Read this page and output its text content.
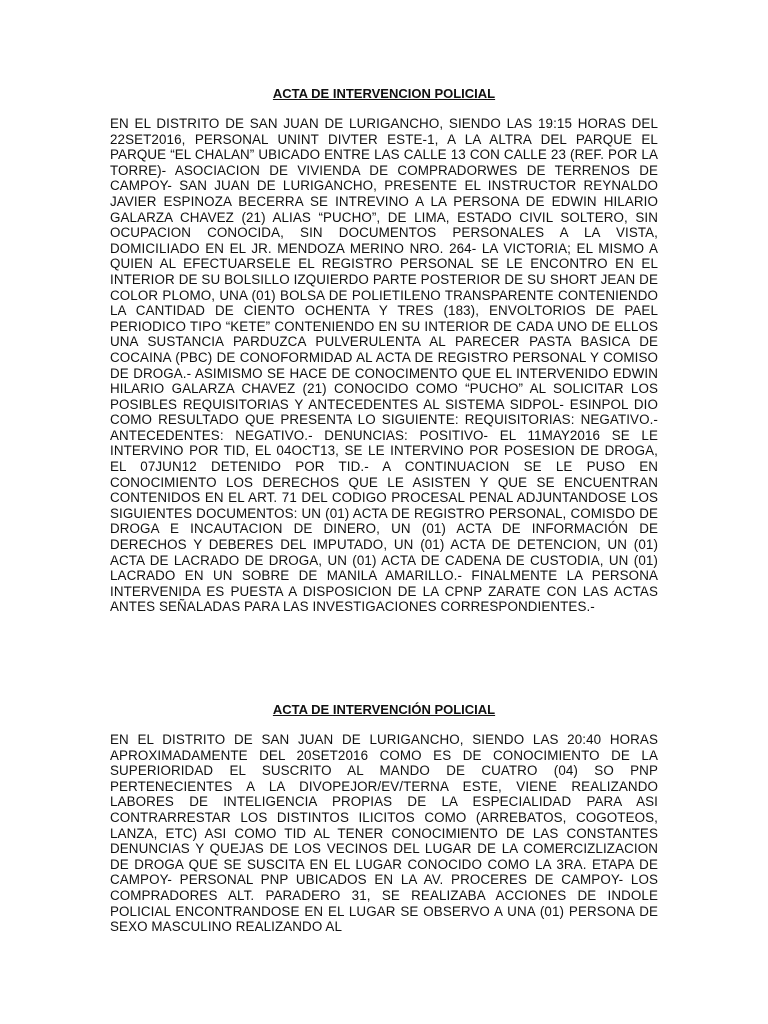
ACTA DE INTERVENCION POLICIAL

EN EL DISTRITO DE SAN JUAN DE LURIGANCHO, SIENDO LAS 19:15 HORAS DEL 22SET2016, PERSONAL UNINT DIVTER ESTE-1, A LA ALTRA DEL PARQUE EL PARQUE “EL CHALAN” UBICADO ENTRE LAS CALLE 13 CON CALLE 23 (REF. POR LA TORRE)- ASOCIACION DE VIVIENDA DE COMPRADORWES DE TERRENOS DE CAMPOY- SAN JUAN DE LURIGANCHO, PRESENTE EL INSTRUCTOR REYNALDO JAVIER ESPINOZA BECERRA SE INTREVINO A LA PERSONA DE EDWIN HILARIO GALARZA CHAVEZ (21) ALIAS “PUCHO”, DE LIMA, ESTADO CIVIL SOLTERO, SIN OCUPACION CONOCIDA, SIN DOCUMENTOS PERSONALES A LA VISTA, DOMICILIADO EN EL JR. MENDOZA MERINO NRO. 264- LA VICTORIA; EL MISMO A QUIEN AL EFECTUARSELE EL REGISTRO PERSONAL SE LE ENCONTRO EN EL INTERIOR DE SU BOLSILLO IZQUIERDO PARTE POSTERIOR DE SU SHORT JEAN DE COLOR PLOMO, UNA (01) BOLSA DE POLIETILENO TRANSPARENTE CONTENIENDO LA CANTIDAD DE CIENTO OCHENTA Y TRES (183), ENVOLTORIOS DE PAEL PERIODICO TIPO “KETE” CONTENIENDO EN SU INTERIOR DE CADA UNO DE ELLOS UNA SUSTANCIA PARDUZCA PULVERULENTA AL PARECER PASTA BASICA DE COCAINA (PBC) DE CONOFORMIDAD AL ACTA DE REGISTRO PERSONAL Y COMISO DE DROGA.- ASIMISMO SE HACE DE CONOCIMENTO QUE EL INTERVENIDO EDWIN HILARIO GALARZA CHAVEZ (21) CONOCIDO COMO “PUCHO” AL SOLICITAR LOS POSIBLES REQUISITORIAS Y ANTECEDENTES AL SISTEMA SIDPOL- ESINPOL DIO COMO RESULTADO QUE PRESENTA LO SIGUIENTE: REQUISITORIAS: NEGATIVO.- ANTECEDENTES: NEGATIVO.- DENUNCIAS: POSITIVO- EL 11MAY2016 SE LE INTERVINO POR TID, EL 04OCT13, SE LE INTERVINO POR POSESION DE DROGA, EL 07JUN12 DETENIDO POR TID.- A CONTINUACION SE LE PUSO EN CONOCIMIENTO LOS DERECHOS QUE LE ASISTEN Y QUE SE ENCUENTRAN CONTENIDOS EN EL ART. 71 DEL CODIGO PROCESAL PENAL ADJUNTANDOSE LOS SIGUIENTES DOCUMENTOS: UN (01) ACTA DE REGISTRO PERSONAL, COMISDO DE DROGA E INCAUTACION DE DINERO, UN (01) ACTA DE INFORMACIÓN DE DERECHOS Y DEBERES DEL IMPUTADO, UN (01) ACTA DE DETENCION, UN (01) ACTA DE LACRADO DE DROGA, UN (01) ACTA DE CADENA DE CUSTODIA, UN (01) LACRADO EN UN SOBRE DE MANILA AMARILLO.- FINALMENTE LA PERSONA INTERVENIDA ES PUESTA A DISPOSICION DE LA CPNP ZARATE CON LAS ACTAS ANTES SEÑALADAS PARA LAS INVESTIGACIONES CORRESPONDIENTES.-

ACTA DE INTERVENCIÓN POLICIAL

EN EL DISTRITO DE SAN JUAN DE LURIGANCHO, SIENDO LAS 20:40 HORAS APROXIMADAMENTE DEL 20SET2016 COMO ES DE CONOCIMIENTO DE LA SUPERIORIDAD EL SUSCRITO AL MANDO DE CUATRO (04) SO PNP PERTENECIENTES A LA DIVOPEJOR/EV/TERNA ESTE, VIENE REALIZANDO LABORES DE INTELIGENCIA PROPIAS DE LA ESPECIALIDAD PARA ASI CONTRARRESTAR LOS DISTINTOS ILICITOS COMO (ARREBATOS, COGOTEOS, LANZA, ETC) ASI COMO TID AL TENER CONOCIMIENTO DE LAS CONSTANTES DENUNCIAS Y QUEJAS DE LOS VECINOS DEL LUGAR DE LA COMERCIZLIZACION DE DROGA QUE SE SUSCITA EN EL LUGAR CONOCIDO COMO LA 3RA. ETAPA DE CAMPOY- PERSONAL PNP UBICADOS EN LA AV. PROCERES DE CAMPOY- LOS COMPRADORES ALT. PARADERO 31, SE REALIZABA ACCIONES DE INDOLE POLICIAL ENCONTRANDOSE EN EL LUGAR SE OBSERVO A UNA (01) PERSONA DE SEXO MASCULINO REALIZANDO AL
